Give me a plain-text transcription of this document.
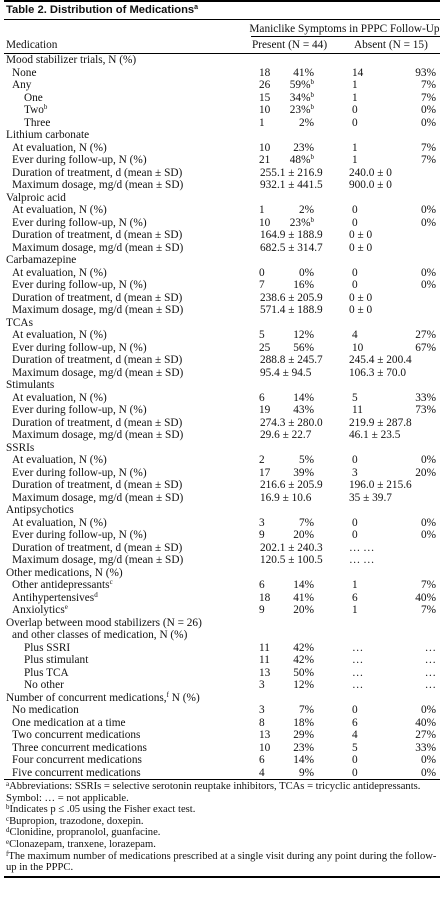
Table 2. Distribution of Medications$^a$
Maniclike Symptoms in PPPC Follow-Up
Medication	Present (N = 44) Absent (N = 15)
Mood stabilizer trials, N (%)
None	18	41%	14	93%
Any	26	59%$^b$	1	7%
One	15	34%$^b$	1	7%
Two$^b$	10	23%$^b$	0	0%
Three	1	2%	0	0%
Lithium carbonate
At evaluation, N (%)	10	23%	1	7%
Ever during follow-up, N (%)	21	48%$^b$	1	7%
Duration of treatment, d (mean ± SD)	255.1 ± 216.9	240.0 ± 0
Maximum dosage, mg/d (mean ± SD)	932.1 ± 441.5	900.0 ± 0
Valproic acid
At evaluation, N (%)	1	2%	0	0%
Ever during follow-up, N (%)	10	23%$^b$	0	0%
Duration of treatment, d (mean ± SD)	164.9 ± 188.9	0 ± 0
Maximum dosage, mg/d (mean ± SD)	682.5 ± 314.7	0 ± 0
Carbamazepine
At evaluation, N (%)	0	0%	0	0%
Ever during follow-up, N (%)	7	16%	0	0%
Duration of treatment, d (mean ± SD)	238.6 ± 205.9	0 ± 0
Maximum dosage, mg/d (mean ± SD)	571.4 ± 188.9	0 ± 0
TCAs
At evaluation, N (%)	5	12%	4	27%
Ever during follow-up, N (%)	25	56%	10	67%
Duration of treatment, d (mean ± SD)	288.8 ± 245.7	245.4 ± 200.4
Maximum dosage, mg/d (mean ± SD)	95.4 ± 94.5	106.3 ± 70.0
Stimulants
At evaluation, N (%)	6	14%	5	33%
Ever during follow-up, N (%)	19	43%	11	73%
Duration of treatment, d (mean ± SD)	274.3 ± 280.0	219.9 ± 287.8
Maximum dosage, mg/d (mean ± SD)	29.6 ± 22.7	46.1 ± 23.5
SSRIs
At evaluation, N (%)	2	5%	0	0%
Ever during follow-up, N (%)	17	39%	3	20%
Duration of treatment, d (mean ± SD)	216.6 ± 205.9	196.0 ± 215.6
Maximum dosage, mg/d (mean ± SD)	16.9 ± 10.6	35 ± 39.7
Antipsychotics
At evaluation, N (%)	3	7%	0	0%
Ever during follow-up, N (%)	9	20%	0	0%
Duration of treatment, d (mean ± SD)	202.1 ± 240.3	… …
Maximum dosage, mg/d (mean ± SD)	120.5 ± 100.5	… …
Other medications, N (%)
Other antidepressants$^c$	6	14%	1	7%
Antihypertensives$^d$	18	41%	6	40%
Anxiolytics$^e$	9	20%	1	7%
Overlap between mood stabilizers (N = 26)
and other classes of medication, N (%)
Plus SSRI	11	42%	…	…
Plus stimulant	11	42%	…	…
Plus TCA	13	50%	…	…
No other	3	12%	…	…
Number of concurrent medications,$^f$ N (%)
No medication	3	7%	0	0%
One medication at a time	8	18%	6	40%
Two concurrent medications	13	29%	4	27%
Three concurrent medications	10	23%	5	33%
Four concurrent medications	6	14%	0	0%
Five concurrent medications	4	9%	0	0%
$^a$Abbreviations: SSRIs = selective serotonin reuptake inhibitors, TCAs = tricyclic antidepressants. Symbol: … = not applicable.
$^b$Indicates p ≤ .05 using the Fisher exact test.
$^c$Bupropion, trazodone, doxepin.
$^d$Clonidine, propranolol, guanfacine.
$^e$Clonazepam, tranxene, lorazepam.
$^f$The maximum number of medications prescribed at a single visit during any point during the follow-up in the PPPC.
